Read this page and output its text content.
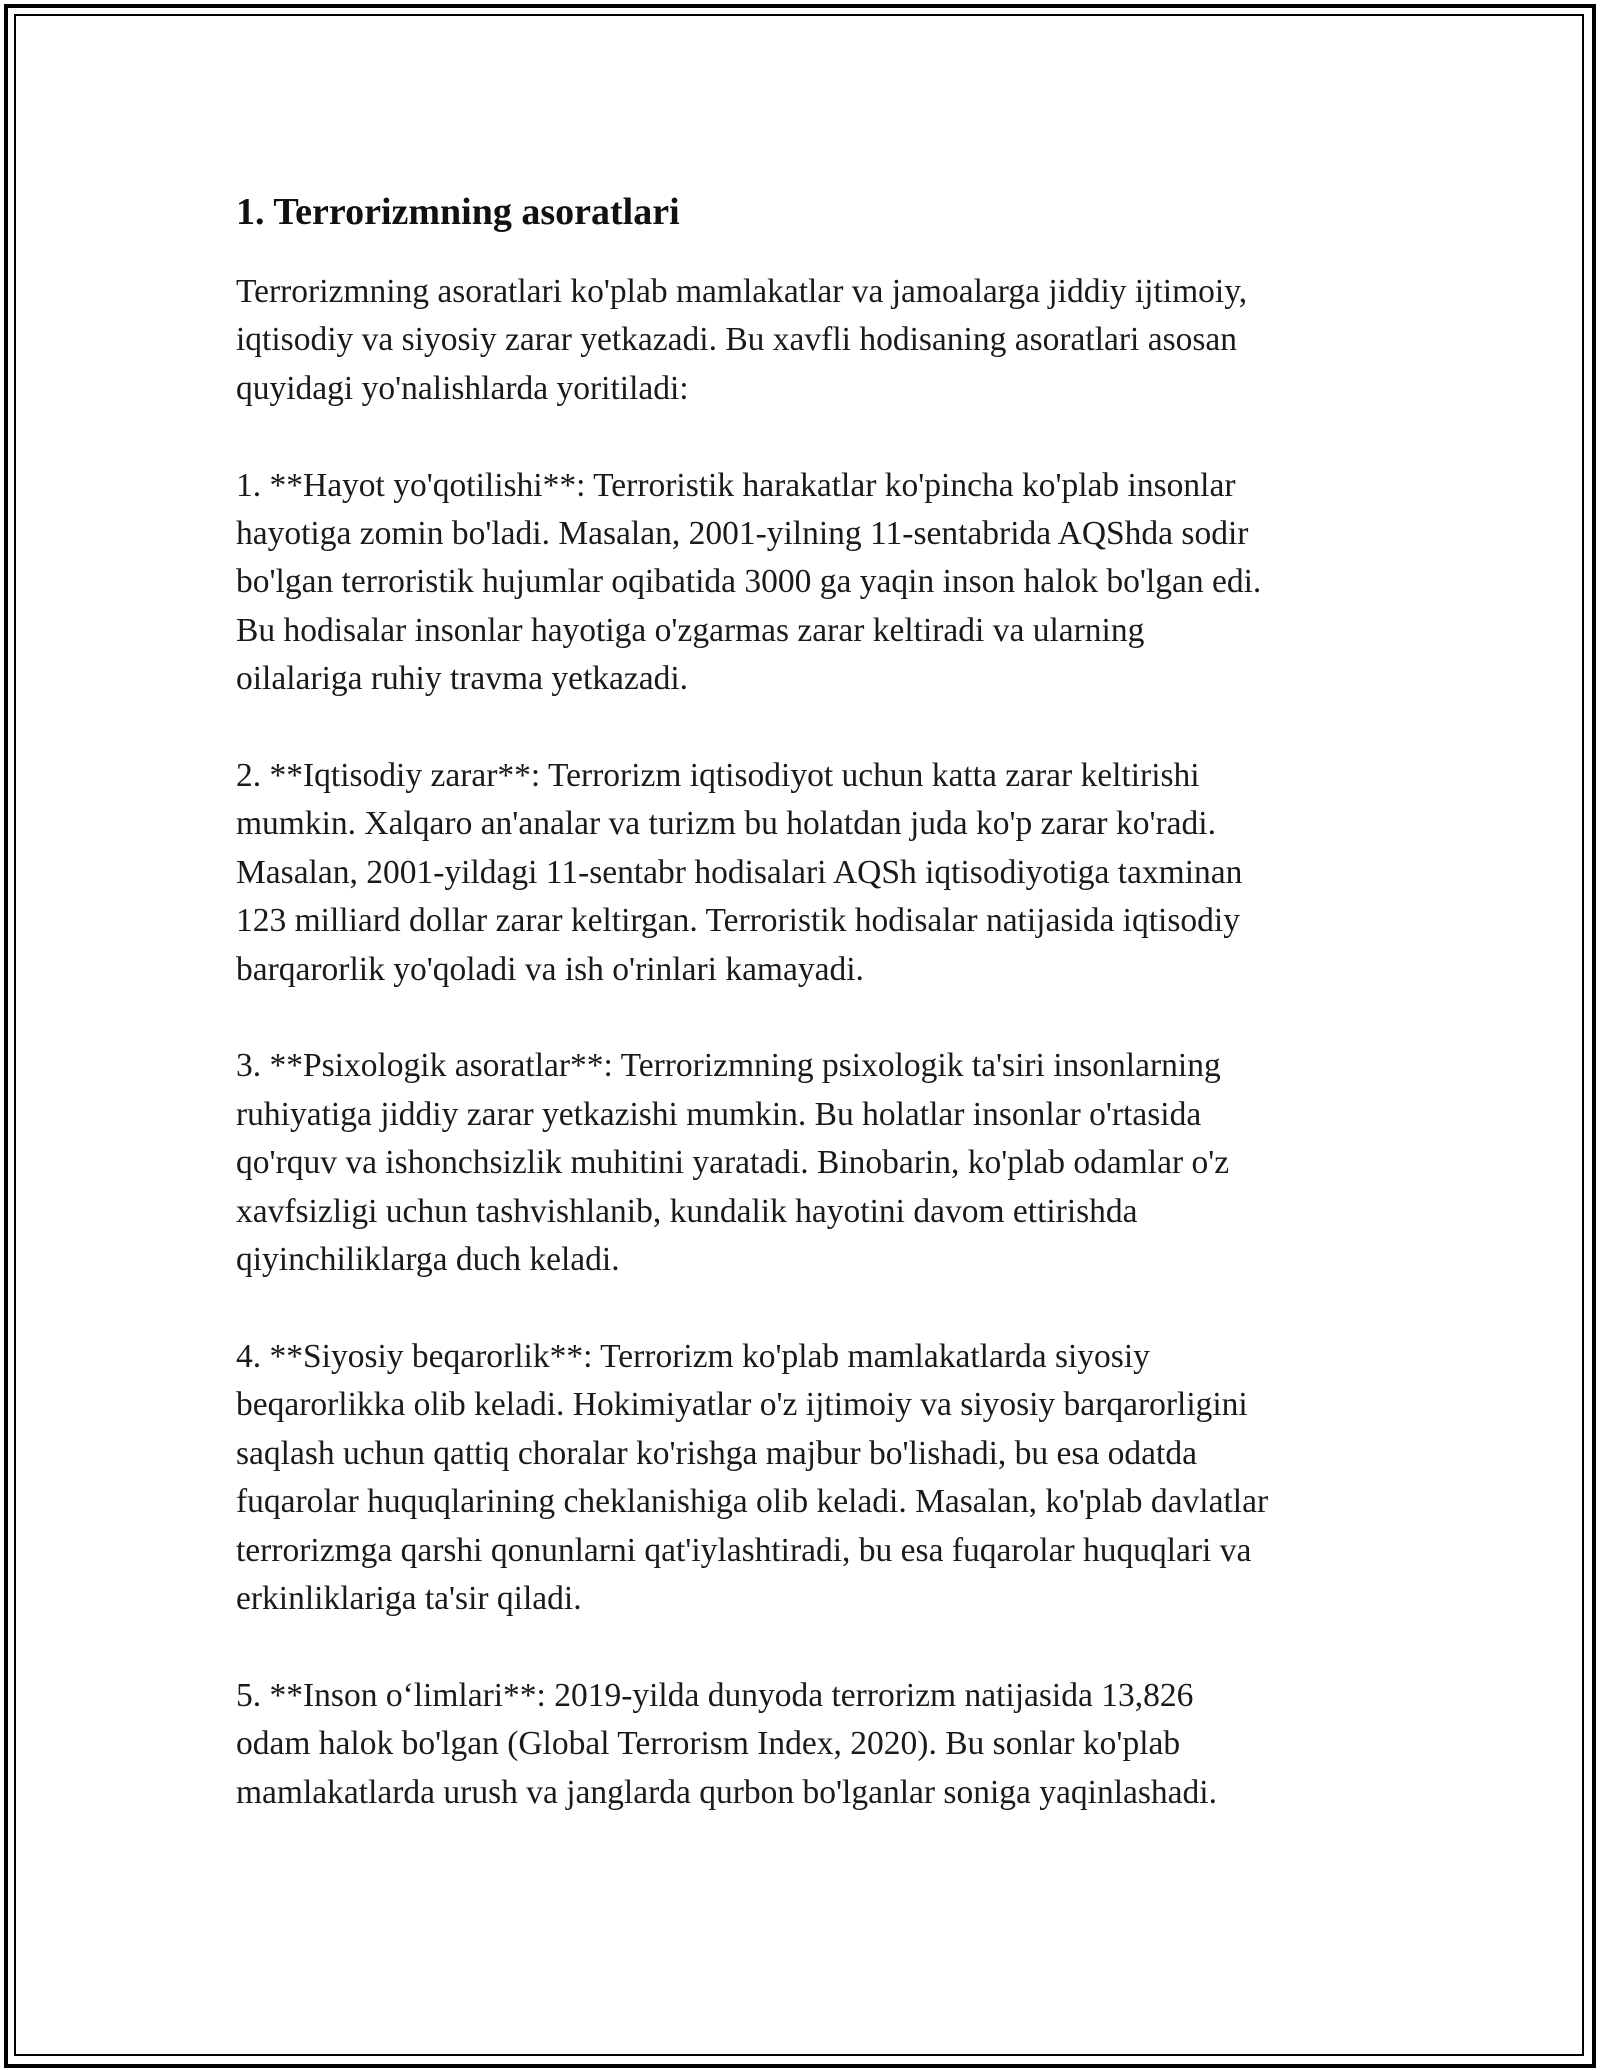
1. Terrorizmning asoratlari

Terrorizmning asoratlari ko'plab mamlakatlar va jamoalarga jiddiy ijtimoiy,
iqtisodiy va siyosiy zarar yetkazadi. Bu xavfli hodisaning asoratlari asosan
quyidagi yo'nalishlarda yoritiladi:

1. **Hayot yo'qotilishi**: Terroristik harakatlar ko'pincha ko'plab insonlar
hayotiga zomin bo'ladi. Masalan, 2001-yilning 11-sentabrida AQShda sodir
bo'lgan terroristik hujumlar oqibatida 3000 ga yaqin inson halok bo'lgan edi.
Bu hodisalar insonlar hayotiga o'zgarmas zarar keltiradi va ularning
oilalariga ruhiy travma yetkazadi.

2. **Iqtisodiy zarar**: Terrorizm iqtisodiyot uchun katta zarar keltirishi
mumkin. Xalqaro an'analar va turizm bu holatdan juda ko'p zarar ko'radi.
Masalan, 2001-yildagi 11-sentabr hodisalari AQSh iqtisodiyotiga taxminan
123 milliard dollar zarar keltirgan. Terroristik hodisalar natijasida iqtisodiy
barqarorlik yo'qoladi va ish o'rinlari kamayadi.

3. **Psixologik asoratlar**: Terrorizmning psixologik ta'siri insonlarning
ruhiyatiga jiddiy zarar yetkazishi mumkin. Bu holatlar insonlar o'rtasida
qo'rquv va ishonchsizlik muhitini yaratadi. Binobarin, ko'plab odamlar o'z
xavfsizligi uchun tashvishlanib, kundalik hayotini davom ettirishda
qiyinchiliklarga duch keladi.

4. **Siyosiy beqarorlik**: Terrorizm ko'plab mamlakatlarda siyosiy
beqarorlikka olib keladi. Hokimiyatlar o'z ijtimoiy va siyosiy barqarorligini
saqlash uchun qattiq choralar ko'rishga majbur bo'lishadi, bu esa odatda
fuqarolar huquqlarining cheklanishiga olib keladi. Masalan, ko'plab davlatlar
terrorizmga qarshi qonunlarni qat'iylashtiradi, bu esa fuqarolar huquqlari va
erkinliklariga ta'sir qiladi.

5. **Inson o‘limlari**: 2019-yilda dunyoda terrorizm natijasida 13,826
odam halok bo'lgan (Global Terrorism Index, 2020). Bu sonlar ko'plab
mamlakatlarda urush va janglarda qurbon bo'lganlar soniga yaqinlashadi.
